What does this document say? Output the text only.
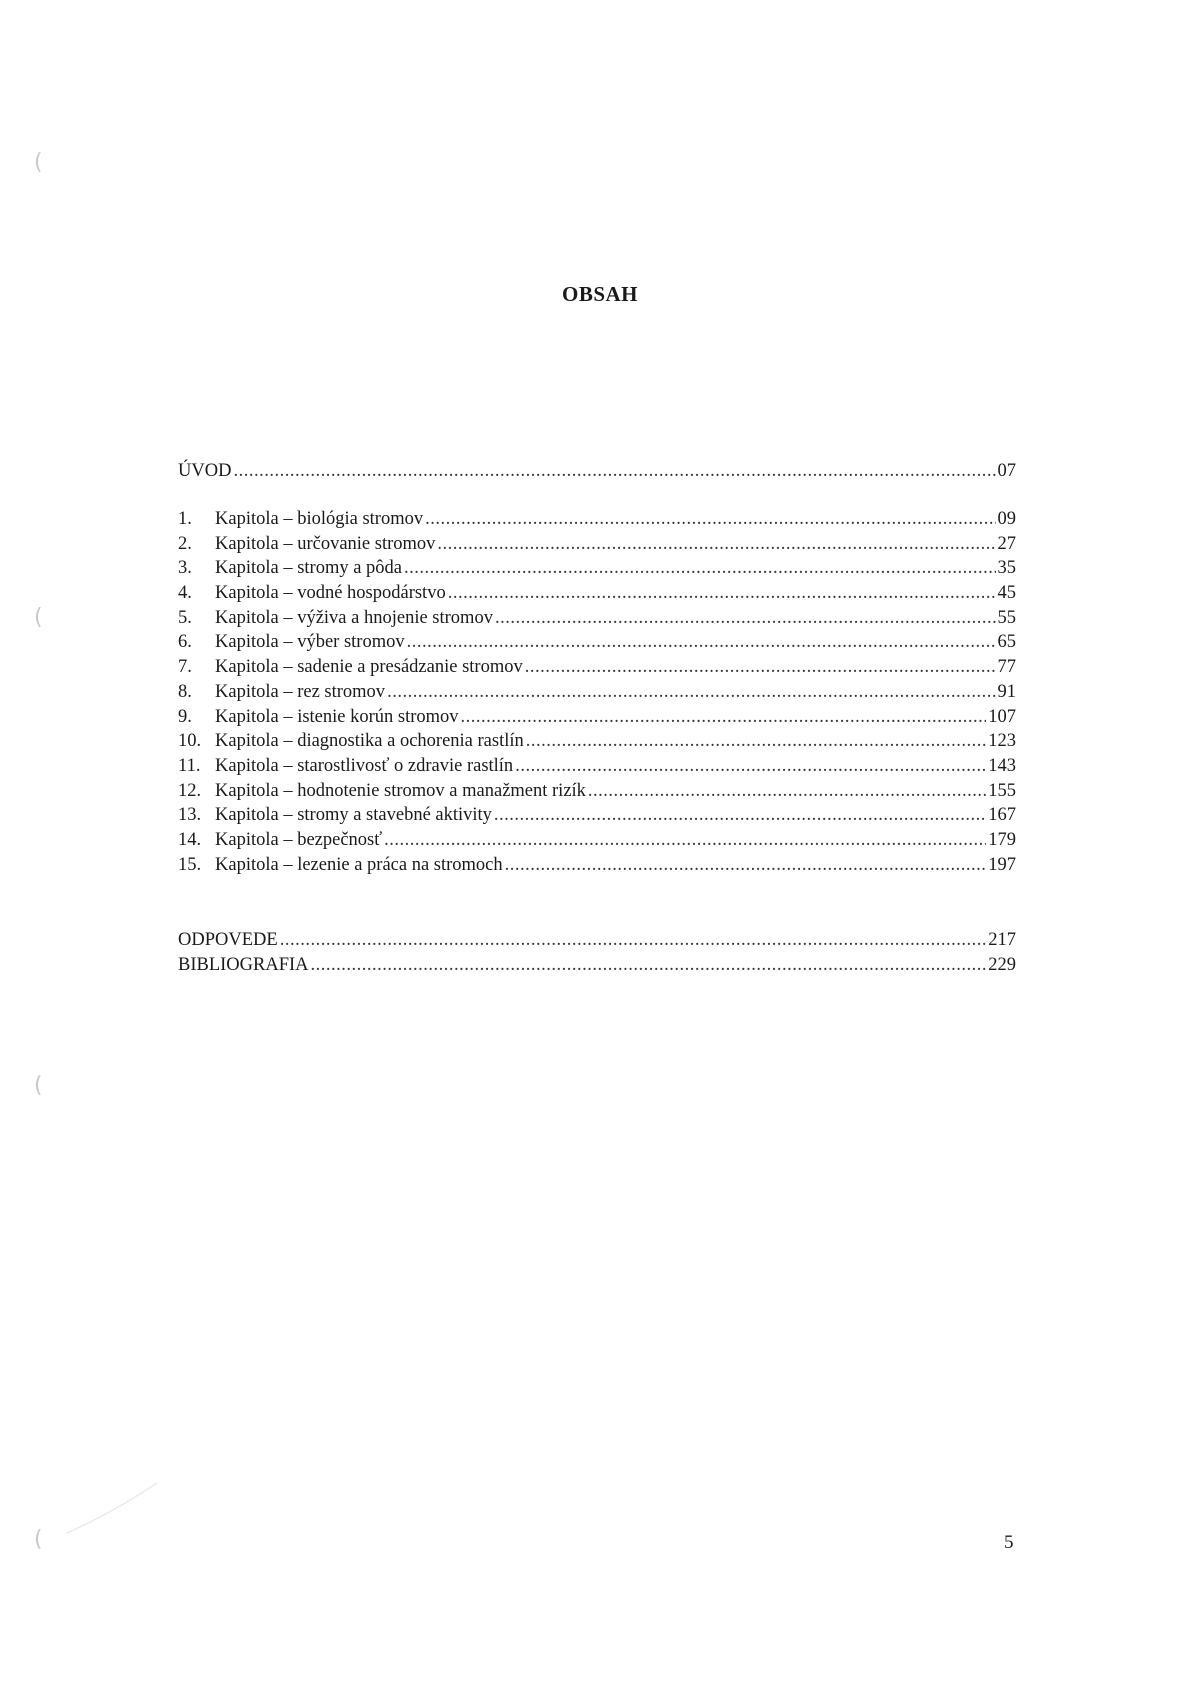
(
(
(
(
OBSAH
ÚVOD .....	07
1.	Kapitola – biológia stromov .....	09
2.	Kapitola – určovanie stromov .....	27
3.	Kapitola – stromy a pôda .....	35
4.	Kapitola – vodné hospodárstvo .....	45
5.	Kapitola – výživa a hnojenie stromov .....	55
6.	Kapitola – výber stromov .....	65
7.	Kapitola – sadenie a presádzanie stromov .....	77
8.	Kapitola – rez stromov .....	91
9.	Kapitola – istenie korún stromov .....	107
10. Kapitola – diagnostika a ochorenia rastlín .....	123
11. Kapitola – starostlivosť o zdravie rastlín .....	143
12. Kapitola – hodnotenie stromov a manažment rizík .....	155
13. Kapitola – stromy a stavebné aktivity .....	167
14. Kapitola – bezpečnosť .....	179
15. Kapitola – lezenie a práca na stromoch .....	197
ODPOVEDE .....	217
BIBLIOGRAFIA .....	229
5
